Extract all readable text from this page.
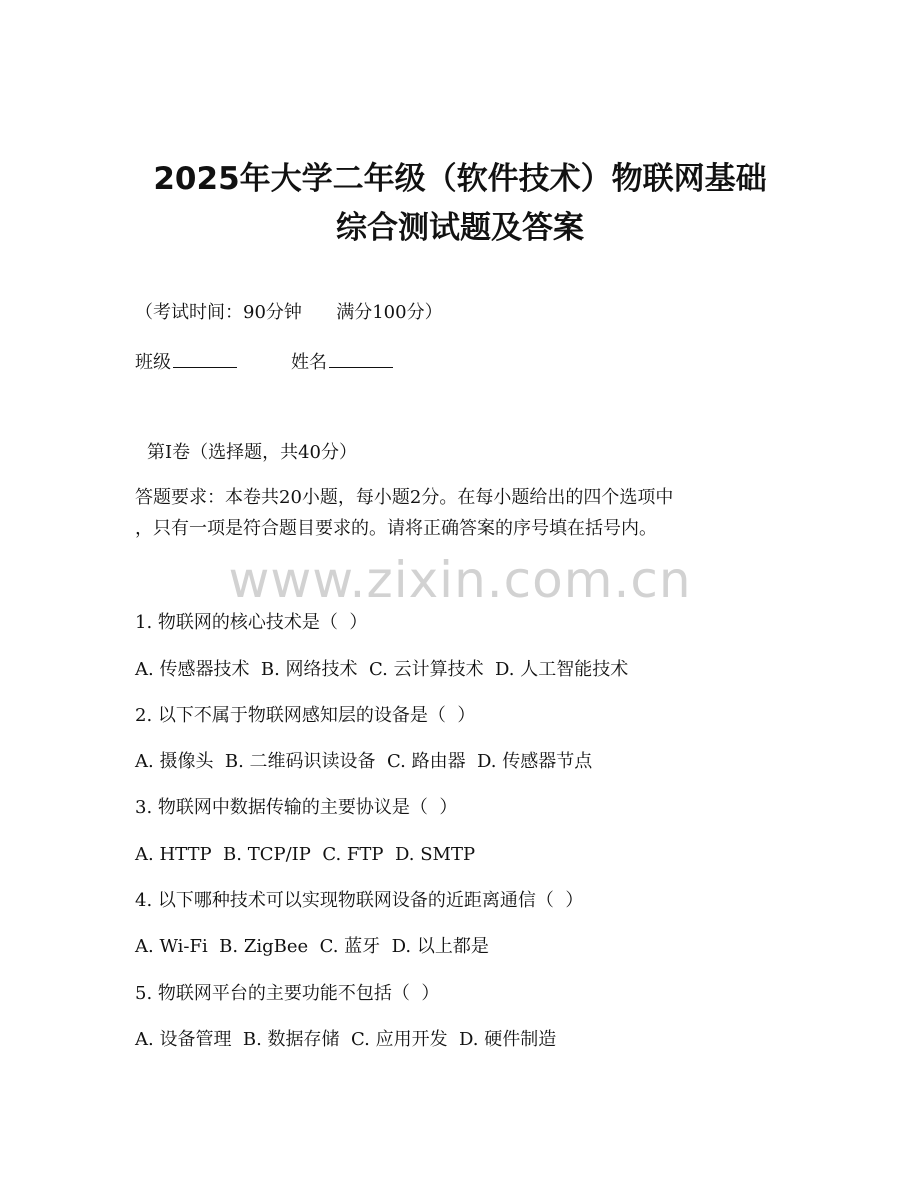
2025年大学二年级（软件技术）物联网基础
综合测试题及答案
（考试时间：90分钟      满分100分）
班级	姓名
第I卷（选择题，共40分）
答题要求：本卷共20小题，每小题2分。在每小题给出的四个选项中
，只有一项是符合题目要求的。请将正确答案的序号填在括号内。
www.zixin.com.cn
1. 物联网的核心技术是（  ）
A. 传感器技术  B. 网络技术  C. 云计算技术  D. 人工智能技术
2. 以下不属于物联网感知层的设备是（  ）
A. 摄像头  B. 二维码识读设备  C. 路由器  D. 传感器节点
3. 物联网中数据传输的主要协议是（  ）
A. HTTP  B. TCP/IP  C. FTP  D. SMTP
4. 以下哪种技术可以实现物联网设备的近距离通信（  ）
A. Wi-Fi  B. ZigBee  C. 蓝牙  D. 以上都是
5. 物联网平台的主要功能不包括（  ）
A. 设备管理  B. 数据存储  C. 应用开发  D. 硬件制造
